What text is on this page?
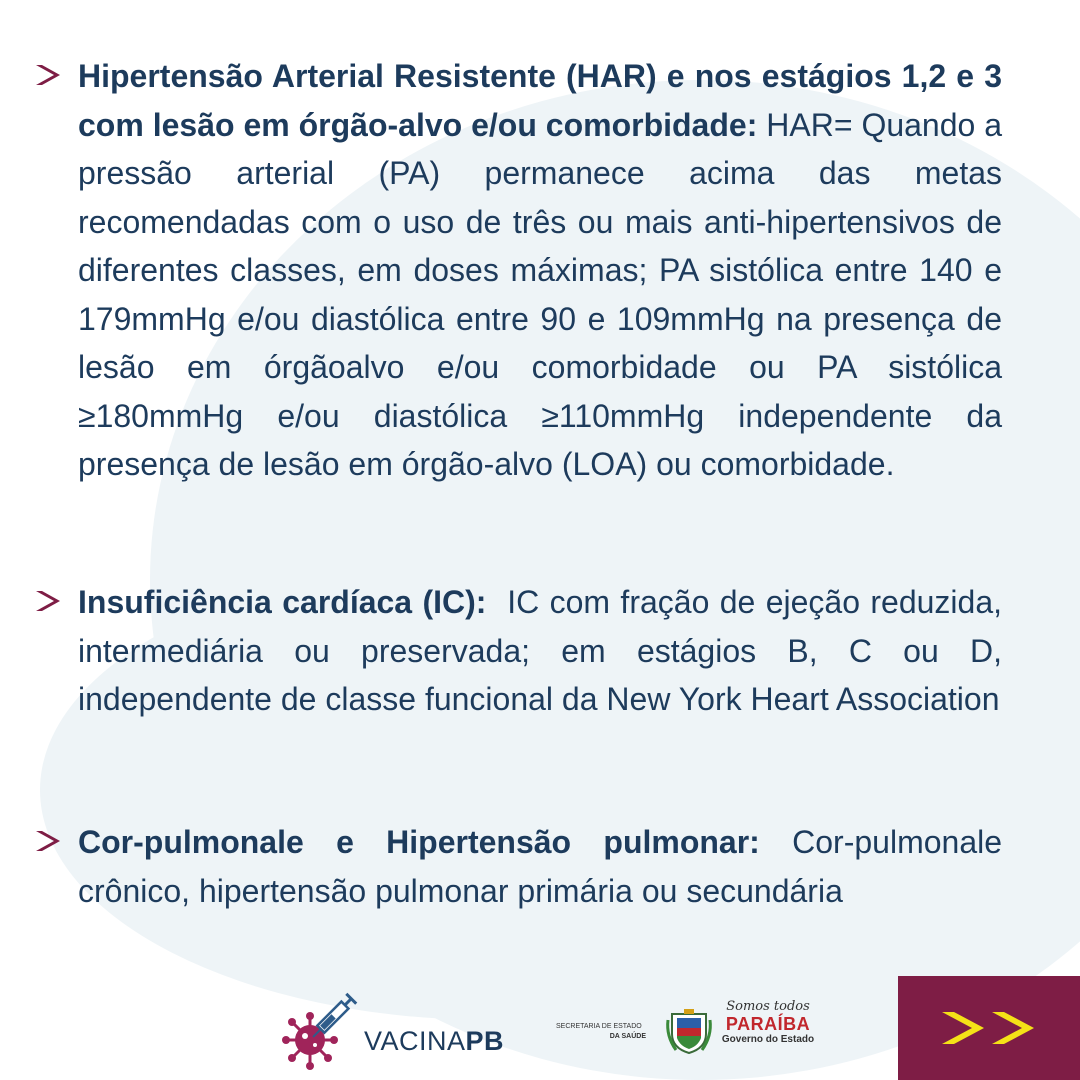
Hipertensão Arterial Resistente (HAR) e nos estágios 1,2 e 3 com lesão em órgão-alvo e/ou comorbidade: HAR= Quando a pressão arterial (PA) permanece acima das metas recomendadas com o uso de três ou mais anti-hipertensivos de diferentes classes, em doses máximas; PA sistólica entre 140 e 179mmHg e/ou diastólica entre 90 e 109mmHg na presença de lesão em órgãoalvo e/ou comorbidade ou PA sistólica ≥180mmHg e/ou diastólica ≥110mmHg independente da presença de lesão em órgão-alvo (LOA) ou comorbidade.

Insuficiência cardíaca (IC): IC com fração de ejeção reduzida, intermediária ou preservada; em estágios B, C ou D, independente de classe funcional da New York Heart Association

Cor-pulmonale e Hipertensão pulmonar: Cor-pulmonale crônico, hipertensão pulmonar primária ou secundária

VACINAPB	SECRETARIA DE ESTADO
DA SAÚDE
Somos todos
PARAÍBA
Governo do Estado
